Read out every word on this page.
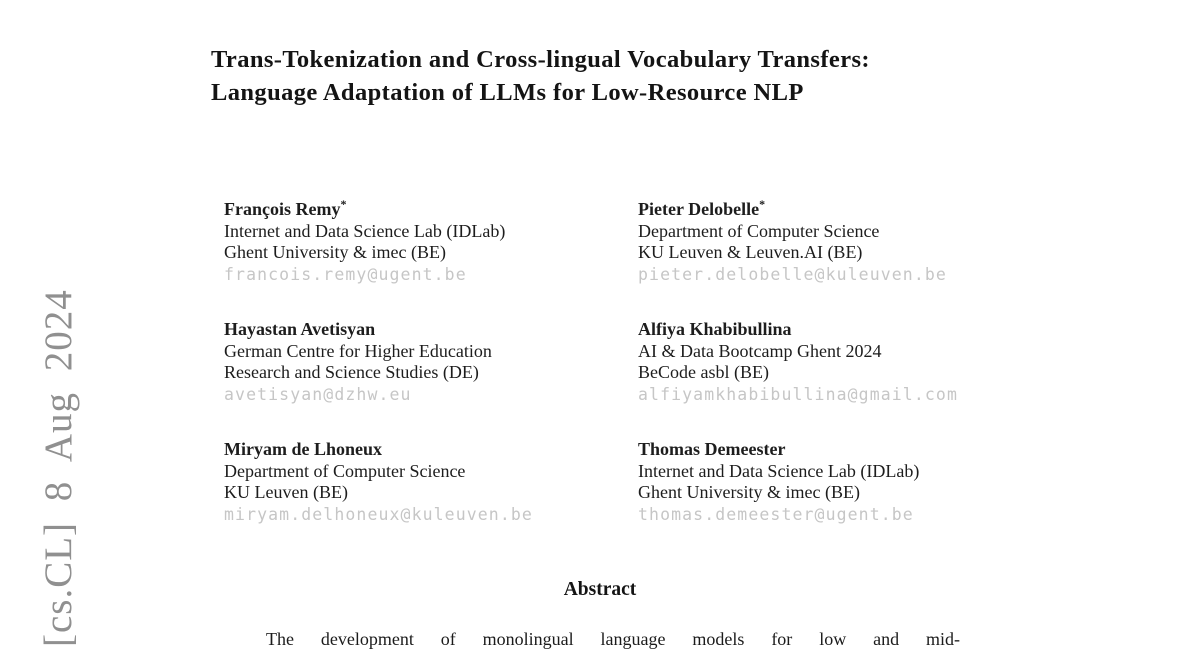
[cs.CL] 8 Aug 2024
Trans-Tokenization and Cross-lingual Vocabulary Transfers:
Language Adaptation of LLMs for Low-Resource NLP
François Remy*
Internet and Data Science Lab (IDLab)
Ghent University & imec (BE)
francois.remy@ugent.be
Pieter Delobelle*
Department of Computer Science
KU Leuven & Leuven.AI (BE)
pieter.delobelle@kuleuven.be
Hayastan Avetisyan
German Centre for Higher Education
Research and Science Studies (DE)
avetisyan@dzhw.eu
Alfiya Khabibullina
AI & Data Bootcamp Ghent 2024
BeCode asbl (BE)
alfiyamkhabibullina@gmail.com
Miryam de Lhoneux
Department of Computer Science
KU Leuven (BE)
miryam.delhoneux@kuleuven.be
Thomas Demeester
Internet and Data Science Lab (IDLab)
Ghent University & imec (BE)
thomas.demeester@ugent.be
Abstract
The development of monolingual language models for low and mid-
